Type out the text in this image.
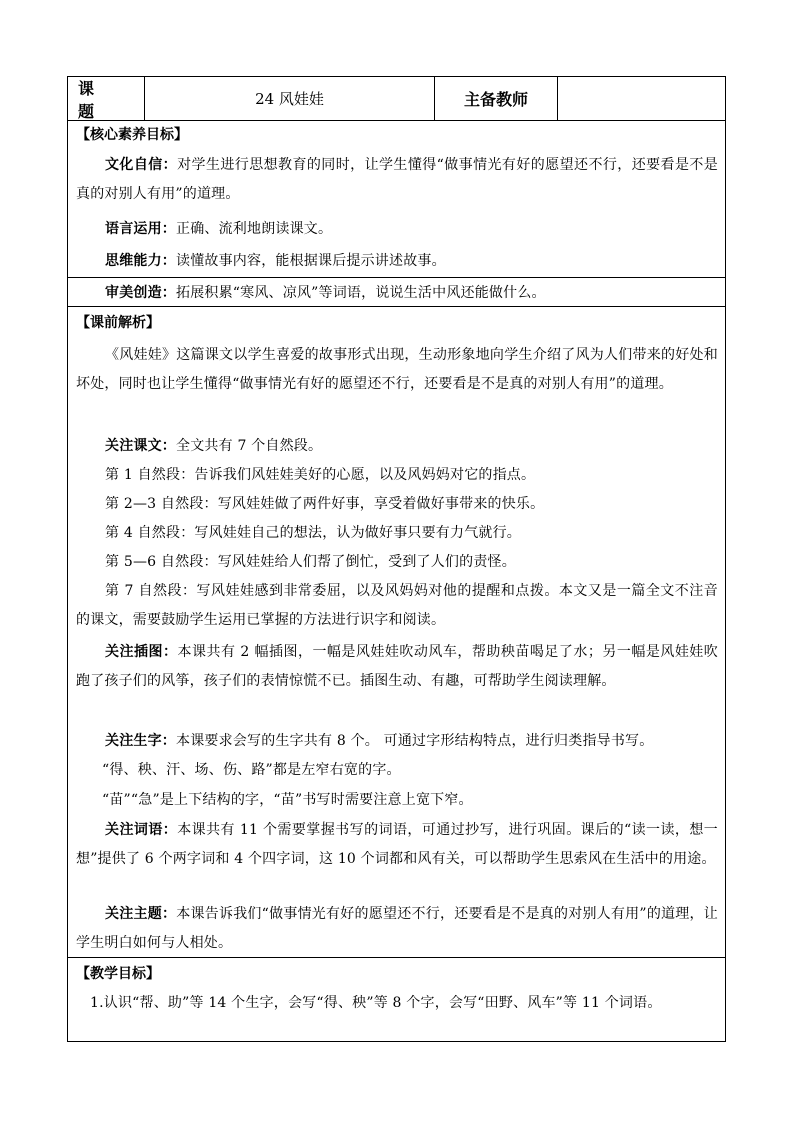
课 题
24 风娃娃	主备教师
【核心素养目标】
文化自信：对学生进行思想教育的同时，让学生懂得“做事情光有好的愿望还不行，还要看是不是真的对别人有用”的道理。
语言运用：正确、流利地朗读课文。
思维能力：读懂故事内容，能根据课后提示讲述故事。
审美创造：拓展积累“寒风、凉风”等词语，说说生活中风还能做什么。
【课前解析】
《风娃娃》这篇课文以学生喜爱的故事形式出现，生动形象地向学生介绍了风为人们带来的好处和坏处，同时也让学生懂得“做事情光有好的愿望还不行，还要看是不是真的对别人有用”的道理。
关注课文：全文共有 7 个自然段。
第 1 自然段：告诉我们风娃娃美好的心愿，以及风妈妈对它的指点。
第 2—3 自然段：写风娃娃做了两件好事，享受着做好事带来的快乐。
第 4 自然段：写风娃娃自己的想法，认为做好事只要有力气就行。
第 5—6 自然段：写风娃娃给人们帮了倒忙，受到了人们的责怪。
第 7 自然段：写风娃娃感到非常委屈，以及风妈妈对他的提醒和点拨。本文又是一篇全文不注音的课文，需要鼓励学生运用已掌握的方法进行识字和阅读。
关注插图：本课共有 2 幅插图，一幅是风娃娃吹动风车，帮助秧苗喝足了水；另一幅是风娃娃吹跑了孩子们的风筝，孩子们的表情惊慌不已。插图生动、有趣，可帮助学生阅读理解。
关注生字：本课要求会写的生字共有 8 个。 可通过字形结构特点，进行归类指导书写。
“得、秧、汗、场、伤、路”都是左窄右宽的字。
“苗”“急”是上下结构的字，“苗”书写时需要注意上宽下窄。
关注词语：本课共有 11 个需要掌握书写的词语，可通过抄写，进行巩固。课后的“读一读，想一想”提供了 6 个两字词和 4 个四字词，这 10 个词都和风有关，可以帮助学生思索风在生活中的用途。
关注主题：本课告诉我们“做事情光有好的愿望还不行，还要看是不是真的对别人有用”的道理，让学生明白如何与人相处。
【教学目标】
1.认识“帮、助”等 14 个生字，会写“得、秧”等 8 个字，会写“田野、风车”等 11 个词语。
